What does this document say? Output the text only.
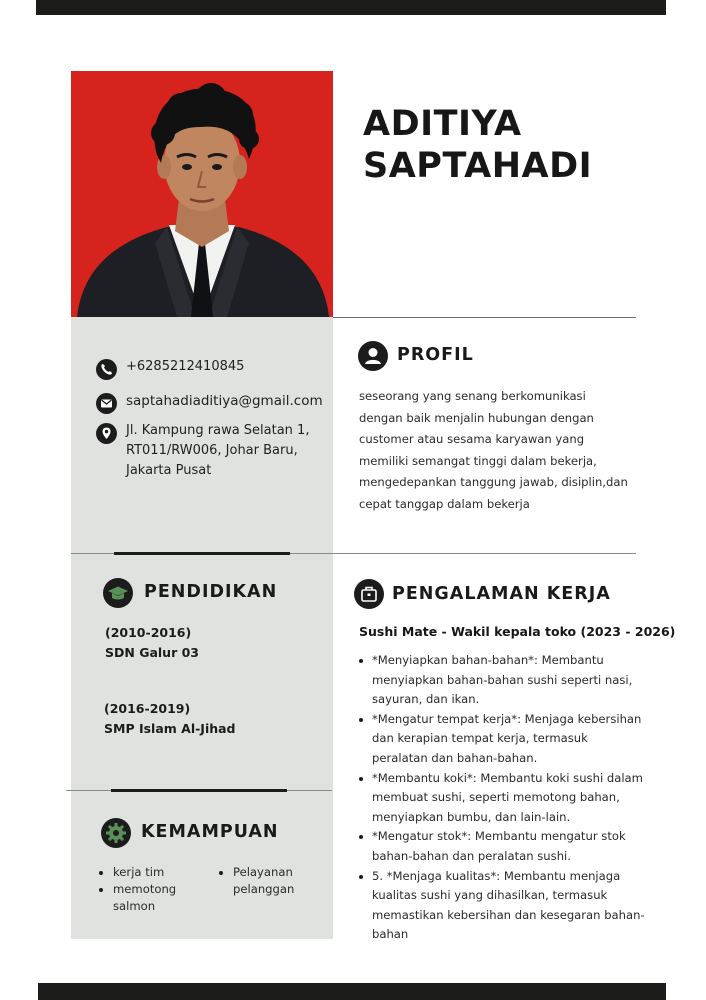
ADITIYA
SAPTAHADI
+6285212410845
saptahadiaditiya@gmail.com
Jl. Kampung rawa Selatan 1, RT011/RW006, Johar Baru, Jakarta Pusat
PROFIL
seseorang yang senang berkomunikasi dengan baik menjalin hubungan dengan customer atau sesama karyawan yang memiliki semangat tinggi dalam bekerja, mengedepankan tanggung jawab, disiplin,dan cepat tanggap dalam bekerja
PENDIDIKAN
(2010-2016)
SDN Galur 03
(2016-2019)
SMP Islam Al-Jihad
PENGALAMAN KERJA
Sushi Mate - Wakil kepala toko (2023 - 2026)
*Menyiapkan bahan-bahan*: Membantu menyiapkan bahan-bahan sushi seperti nasi, sayuran, dan ikan.
*Mengatur tempat kerja*: Menjaga kebersihan dan kerapian tempat kerja, termasuk peralatan dan bahan-bahan.
*Membantu koki*: Membantu koki sushi dalam membuat sushi, seperti memotong bahan, menyiapkan bumbu, dan lain-lain.
*Mengatur stok*: Membantu mengatur stok bahan-bahan dan peralatan sushi.
5. *Menjaga kualitas*: Membantu menjaga kualitas sushi yang dihasilkan, termasuk memastikan kebersihan dan kesegaran bahan-bahan
KEMAMPUAN
kerja tim
memotong salmon
Pelayanan pelanggan
